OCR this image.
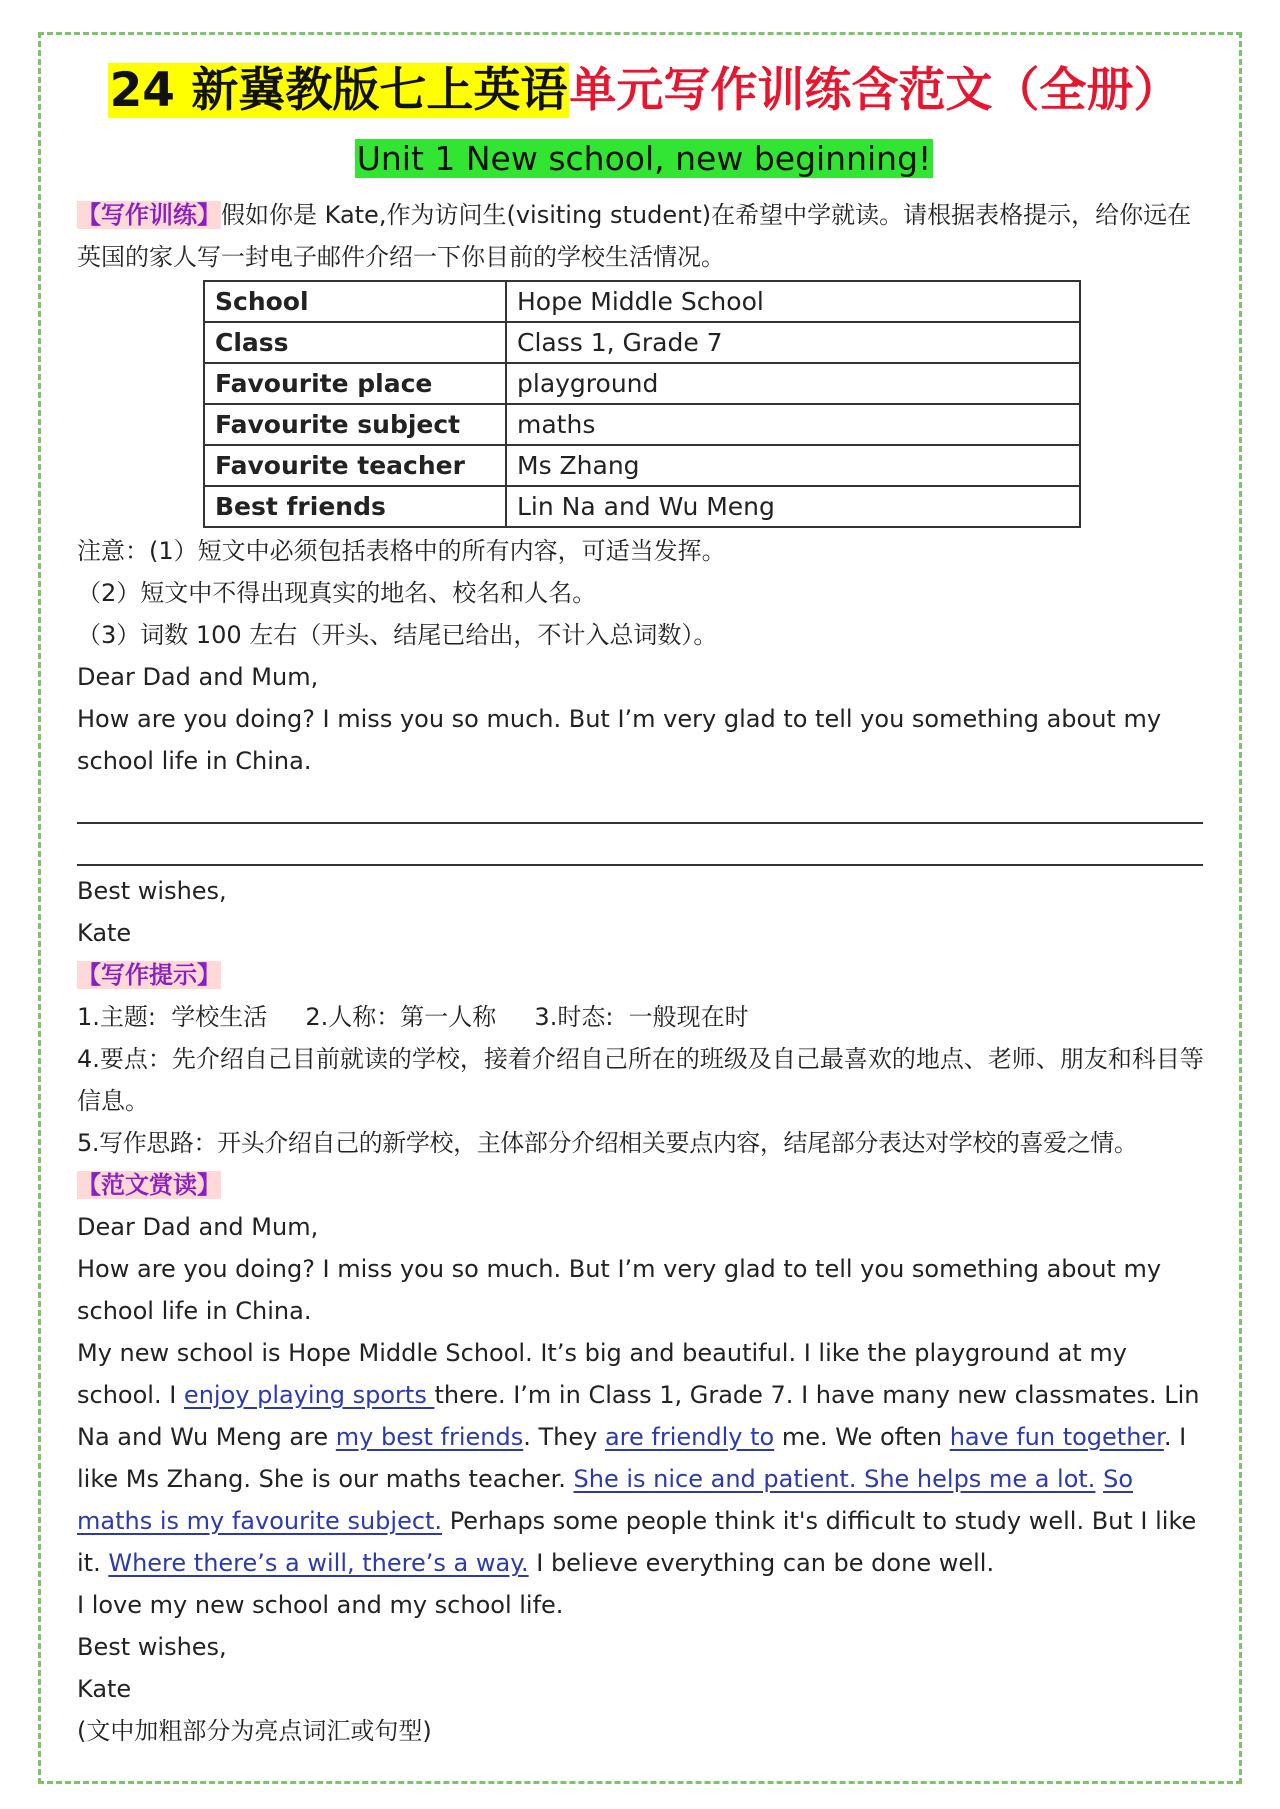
24 新冀教版七上英语单元写作训练含范文（全册）
Unit 1 New school, new beginning!

【写作训练】假如你是 Kate,作为访问生(visiting student)在希望中学就读。请根据表格提示，给你远在英国的家人写一封电子邮件介绍一下你目前的学校生活情况。

School	Hope Middle School
Class	Class 1, Grade 7
Favourite place	playground
Favourite subject	maths
Favourite teacher	Ms Zhang
Best friends	Lin Na and Wu Meng

注意：(1）短文中必须包括表格中的所有内容，可适当发挥。

（2）短文中不得出现真实的地名、校名和人名。

（3）词数 100 左右（开头、结尾已给出，不计入总词数）。

Dear Dad and Mum,

How are you doing? I miss you so much. But I’m very glad to tell you something about my school life in China.

Best wishes,

Kate

【写作提示】

1.主题:  学校生活     2.人称：第一人称     3.时态:  一般现在时

4.要点：先介绍自己目前就读的学校，接着介绍自己所在的班级及自己最喜欢的地点、老师、朋友和科目等信息。

5.写作思路：开头介绍自己的新学校，主体部分介绍相关要点内容，结尾部分表达对学校的喜爱之情。

【范文赏读】

Dear Dad and Mum,

How are you doing? I miss you so much. But I’m very glad to tell you something about my school life in China.

My new school is Hope Middle School. It’s big and beautiful. I like the playground at my school. I enjoy playing sports there. I’m in Class 1, Grade 7. I have many new classmates. Lin Na and Wu Meng are my best friends. They are friendly to me. We often have fun together. I like Ms Zhang. She is our maths teacher. She is nice and patient. She helps me a lot. So maths is my favourite subject. Perhaps some people think it's difficult to study well. But I like it. Where there’s a will, there’s a way. I believe everything can be done well.

I love my new school and my school life.

Best wishes,

Kate

(文中加粗部分为亮点词汇或句型)
